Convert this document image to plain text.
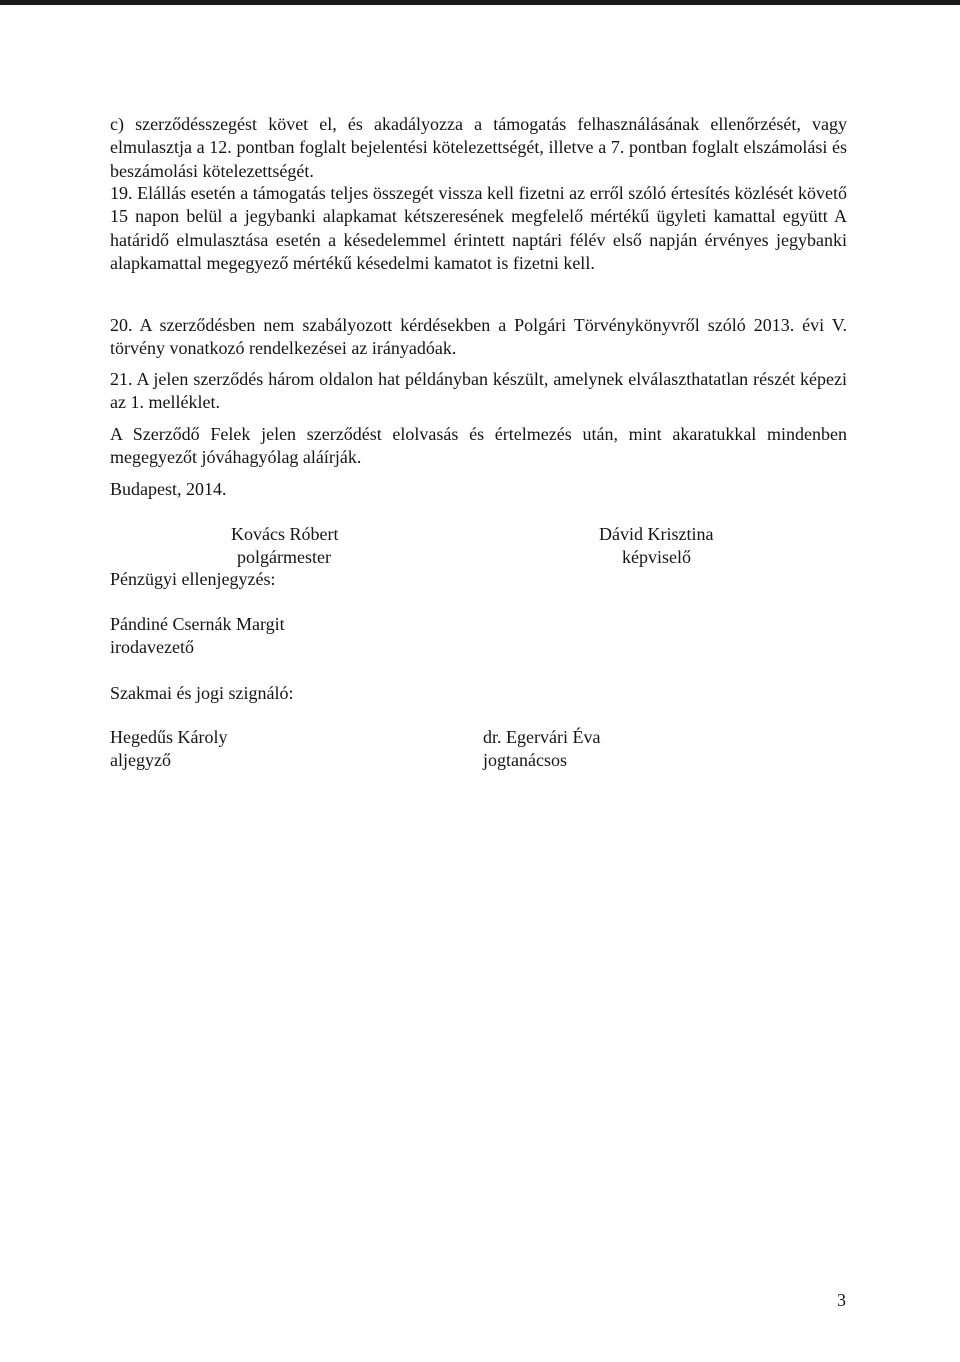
c) szerződésszegést követ el, és akadályozza a támogatás felhasználásának ellenőrzését, vagy elmulasztja a 12. pontban foglalt bejelentési kötelezettségét, illetve a 7. pontban foglalt elszámolási és beszámolási kötelezettségét.

19. Elállás esetén a támogatás teljes összegét vissza kell fizetni az erről szóló értesítés közlését követő 15 napon belül a jegybanki alapkamat kétszeresének megfelelő mértékű ügyleti kamattal együtt A határidő elmulasztása esetén a késedelemmel érintett naptári félév első napján érvényes jegybanki alapkamattal megegyező mértékű késedelmi kamatot is fizetni kell.

20. A szerződésben nem szabályozott kérdésekben a Polgári Törvénykönyvről szóló 2013. évi V. törvény vonatkozó rendelkezései az irányadóak.

21. A jelen szerződés három oldalon hat példányban készült, amelynek elválaszthatatlan részét képezi az 1. melléklet.

A Szerződő Felek jelen szerződést elolvasás és értelmezés után, mint akaratukkal mindenben megegyezőt jóváhagyólag aláírják.

Budapest, 2014.
Kovács Róbert
polgármester
Dávid Krisztina
képviselő
Pénzügyi ellenjegyzés:
Pándiné Csernák Margit
irodavezető
Szakmai és jogi szignáló:
Hegedűs Károly
aljegyző
dr. Egervári Éva
jogtanácsos
3
